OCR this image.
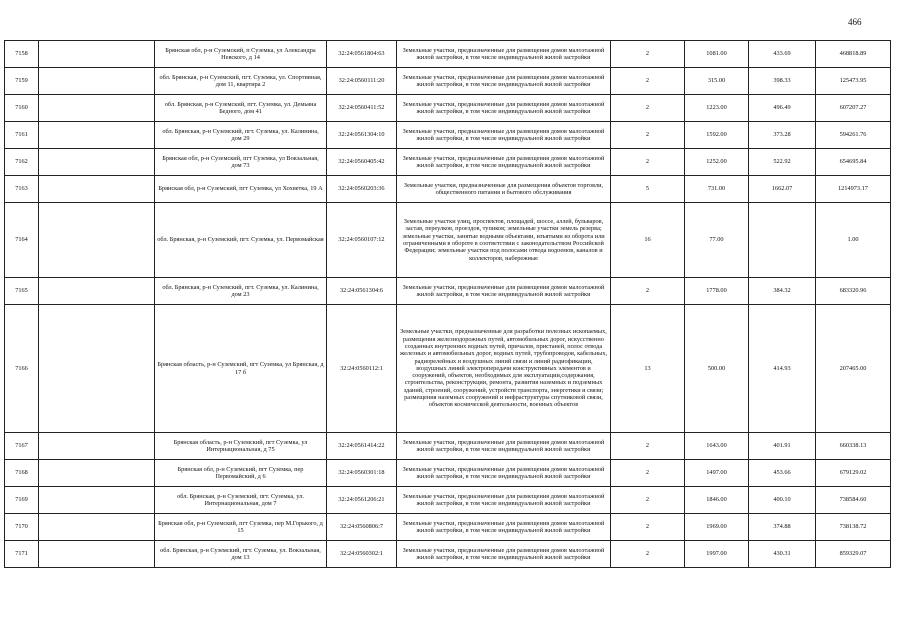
466
7158		Брянская обл, р-н Суземский, п Суземка, ул Александра Невского, д 14	32:24:0561804:63	Земельные участки, предназначенные для размещения домов малоэтажной жилой застройки, в том числе индивидуальной жилой застройки	2	1081.00	433.69	468818.89
7159		обл. Брянская, р-н Суземский, пгт. Суземка, ул. Спортивная, дом 11, квартира 2	32:24:0560111:20	Земельные участки, предназначенные для размещения домов малоэтажной жилой застройки, в том числе индивидуальной жилой застройки	2	315.00	398.33	125473.95
7160		обл. Брянская, р-н Суземский, пгт. Суземка, ул. Демьяна Бедного, дом 41	32:24:0560411:52	Земельные участки, предназначенные для размещения домов малоэтажной жилой застройки, в том числе индивидуальной жилой застройки	2	1223.00	496.49	607207.27
7161		обл. Брянская, р-н Суземский, пгт. Суземка, ул. Калинина, дом 29	32:24:0561304:10	Земельные участки, предназначенные для размещения домов малоэтажной жилой застройки, в том числе индивидуальной жилой застройки	2	1592.00	373.28	594261.76
7162		Брянская обл, р-н Суземский, пгт Суземка, ул Вокзальная, дом 73	32:24:0560405:42	Земельные участки, предназначенные для размещения домов малоэтажной жилой застройки, в том числе индивидуальной жилой застройки	2	1252.00	522.92	654695.84
7163		Брянская обл, р-н Суземский, пгт Суземка, ул Хохветка, 19 А	32:24:0560203:36	Земельные участки, предназначенные для размещения объектов торговли, общественного питания и бытового обслуживания	5	731.00	1662.07	1214973.17
7164		обл. Брянская, р-н Суземский, пгт. Суземка, ул. Первомайская	32:24:0560107:12	Земельные участки улиц, проспектов, площадей, шоссе, аллей, бульваров, застав, переулков, проездов, тупиков; земельные участки земель резерва; земельные участки, занятые водными объектами, изъятыми из оборота или ограниченными в обороте в соответствии с законодательством Российской Федерации; земельные участки под полосами отвода водоемов, каналов и коллекторов, набережные	16	77.00		1.00
7165		обл. Брянская, р-н Суземский, пгт. Суземка, ул. Калинина, дом 23	32:24:0561304:6	Земельные участки, предназначенные для размещения домов малоэтажной жилой застройки, в том числе индивидуальной жилой застройки	2	1778.00	384.32	683320.96
7166		Брянская область, р-н Суземский, пгт Суземка, ул Брянская, д 17 б	32:24:0560112:1	Земельные участки, предназначенные для разработки полезных ископаемых, размещения железнодорожных путей, автомобильных дорог, искусственно созданных внутренних водных путей, причалов, пристаней, полос отвода железных и автомобильных дорог, водных путей, трубопроводов, кабельных, радиорелейных и воздушных линий связи и линий радиофикации, воздушных линий электропередачи конструктивных элементов и сооружений, объектов, необходимых для эксплуатации,содержания, строительства, реконструкции, ремонта, развития наземных и подземных зданий, строений, сооружений, устройств транспорта, энергетики и связи; размещения наземных сооружений и инфраструктуры спутниковой связи, объектов космической деятельности, военных объектов	13	500.00	414.93	207465.00
7167		Брянская область, р-н Суземский, пгт Суземка, ул Интернациональная, д 75	32:24:0561414:22	Земельные участки, предназначенные для размещения домов малоэтажной жилой застройки, в том числе индивидуальной жилой застройки	2	1643.00	401.91	660338.13
7168		Брянская обл, р-н Суземский, пгт Суземка, пер Первомайский, д 6	32:24:0560301:18	Земельные участки, предназначенные для размещения домов малоэтажной жилой застройки, в том числе индивидуальной жилой застройки	2	1497.00	453.66	679129.02
7169		обл. Брянская, р-н Суземский, пгт. Суземка, ул. Интернациональная, дом 7	32:24:0561206:21	Земельные участки, предназначенные для размещения домов малоэтажной жилой застройки, в том числе индивидуальной жилой застройки	2	1846.00	400.10	738584.60
7170		Брянская обл, р-н Суземский, пгт Суземка, пер М.Горького, д 15	32:24:0560806:7	Земельные участки, предназначенные для размещения домов малоэтажной жилой застройки, в том числе индивидуальной жилой застройки	2	1969.00	374.88	738138.72
7171		обл. Брянская, р-н Суземский, пгт. Суземка, ул. Вокзальная, дом 13	32:24:0560302:1	Земельные участки, предназначенные для размещения домов малоэтажной жилой застройки, в том числе индивидуальной жилой застройки	2	1997.00	430.31	859329.07
